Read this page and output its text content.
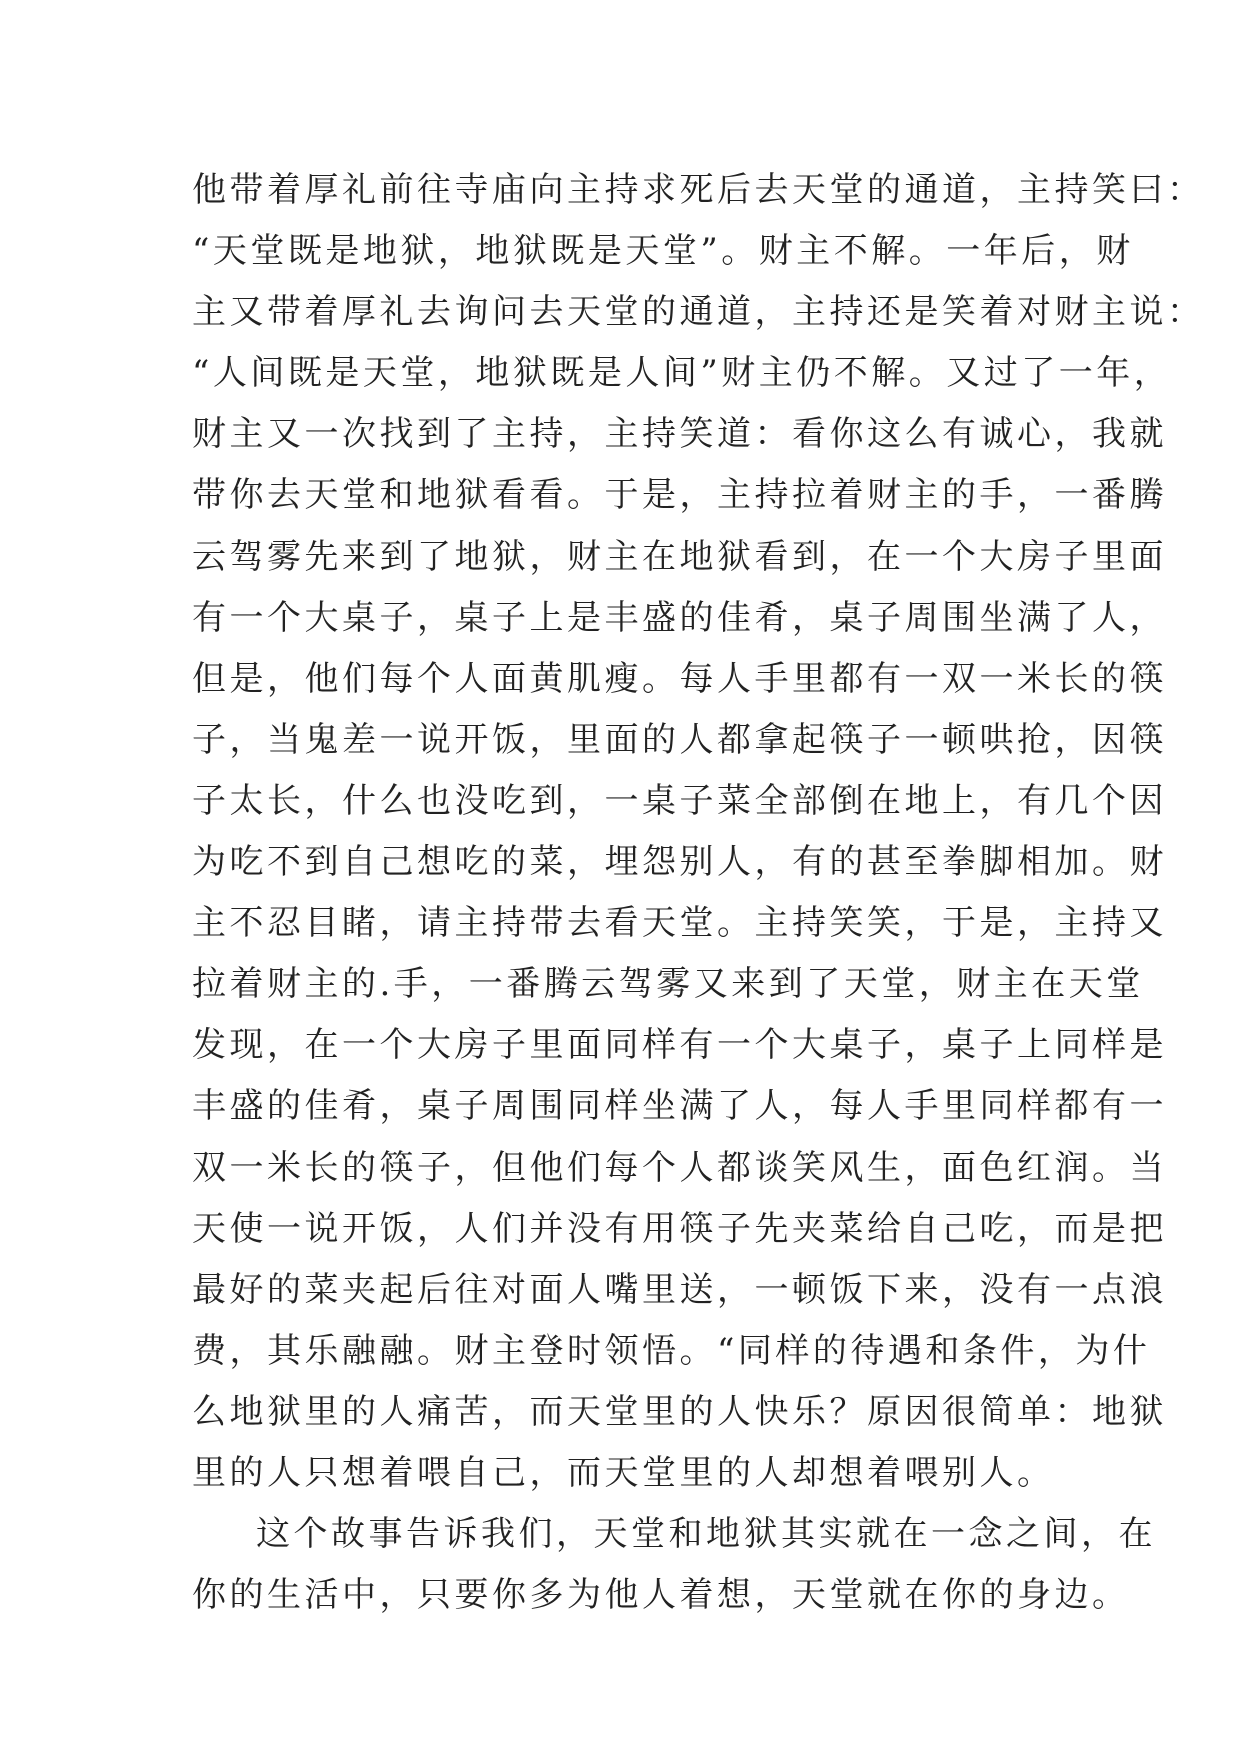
他带着厚礼前往寺庙向主持求死后去天堂的通道，主持笑曰：
“天堂既是地狱，地狱既是天堂”。财主不解。一年后，财
主又带着厚礼去询问去天堂的通道，主持还是笑着对财主说：
“人间既是天堂，地狱既是人间”财主仍不解。又过了一年，
财主又一次找到了主持，主持笑道：看你这么有诚心，我就
带你去天堂和地狱看看。于是，主持拉着财主的手，一番腾
云驾雾先来到了地狱，财主在地狱看到，在一个大房子里面
有一个大桌子，桌子上是丰盛的佳肴，桌子周围坐满了人，
但是，他们每个人面黄肌瘦。每人手里都有一双一米长的筷
子，当鬼差一说开饭，里面的人都拿起筷子一顿哄抢，因筷
子太长，什么也没吃到，一桌子菜全部倒在地上，有几个因
为吃不到自己想吃的菜，埋怨别人，有的甚至拳脚相加。财
主不忍目睹，请主持带去看天堂。主持笑笑，于是，主持又
拉着财主的.手，一番腾云驾雾又来到了天堂，财主在天堂
发现，在一个大房子里面同样有一个大桌子，桌子上同样是
丰盛的佳肴，桌子周围同样坐满了人，每人手里同样都有一
双一米长的筷子，但他们每个人都谈笑风生，面色红润。当
天使一说开饭，人们并没有用筷子先夹菜给自己吃，而是把
最好的菜夹起后往对面人嘴里送，一顿饭下来，没有一点浪
费，其乐融融。财主登时领悟。“同样的待遇和条件，为什
么地狱里的人痛苦，而天堂里的人快乐？原因很简单：地狱
里的人只想着喂自己，而天堂里的人却想着喂别人。
这个故事告诉我们，天堂和地狱其实就在一念之间，在
你的生活中，只要你多为他人着想，天堂就在你的身边。
